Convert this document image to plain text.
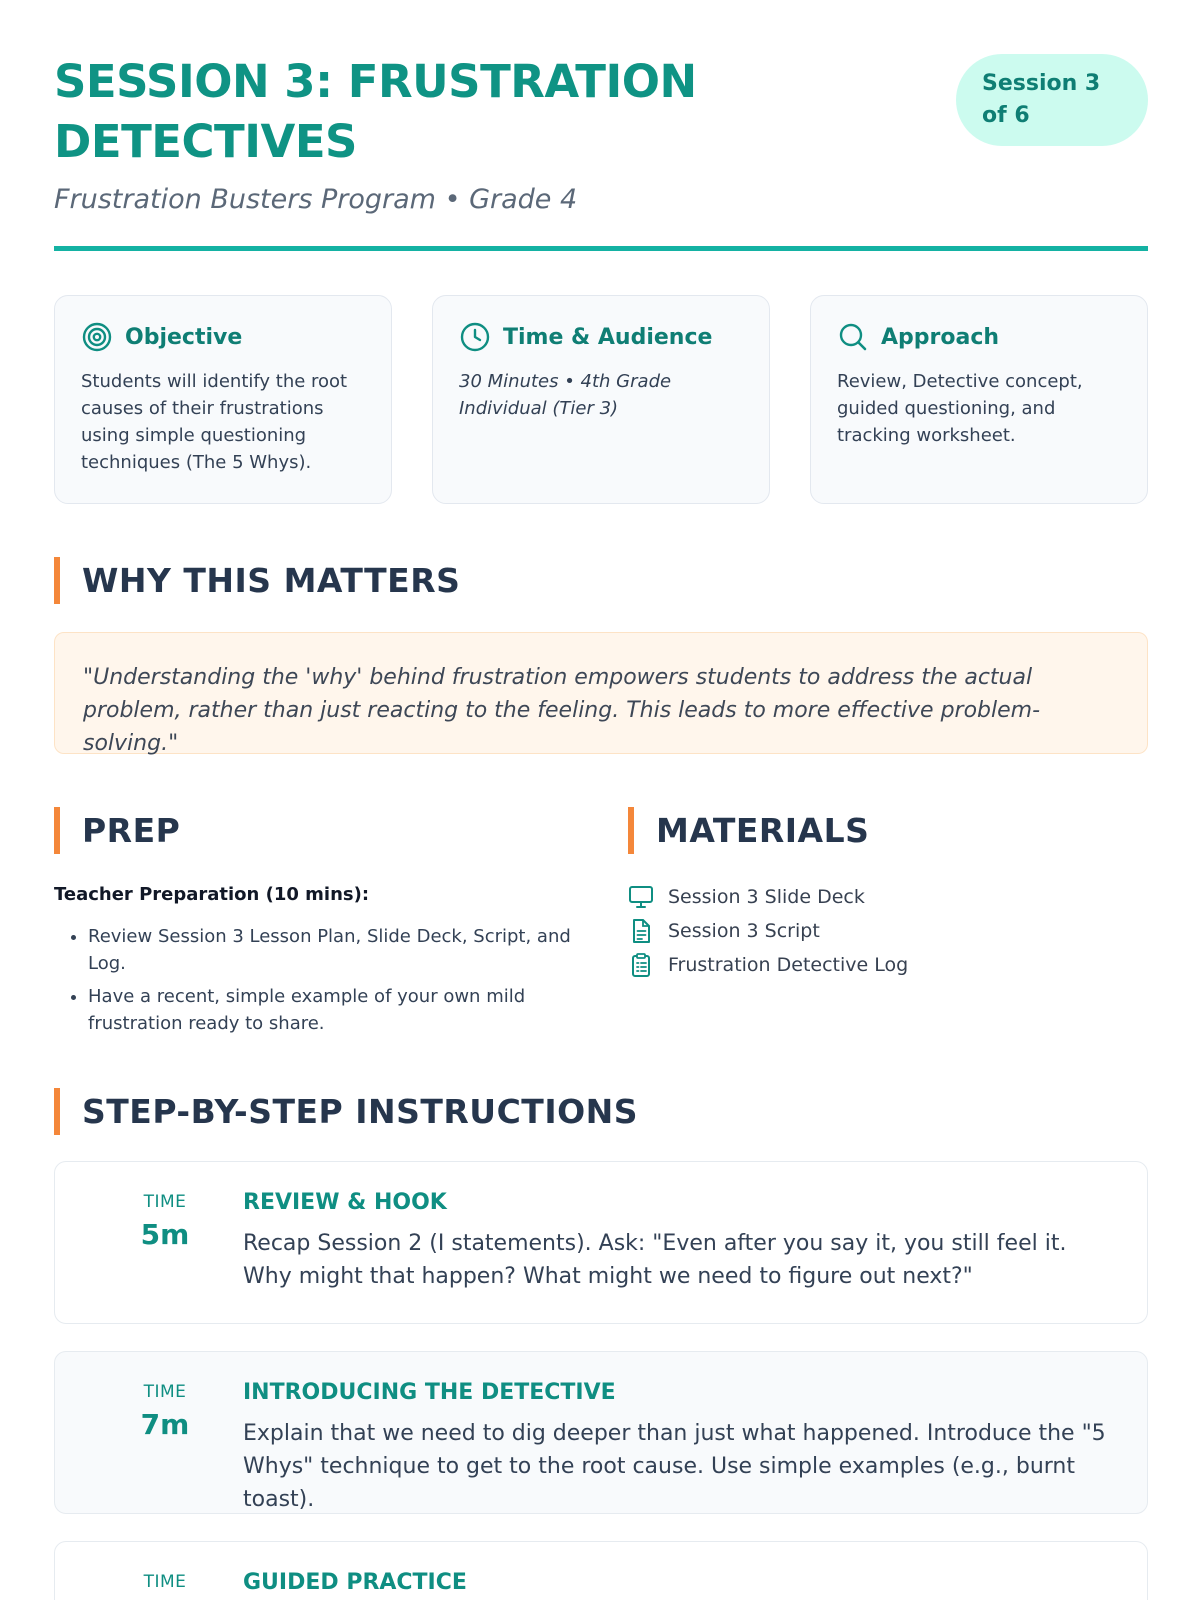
SESSION 3: FRUSTRATION DETECTIVES
Frustration Busters Program • Grade 4
Session 3 of 6
Objective
Students will identify the root causes of their frustrations using simple questioning techniques (The 5 Whys).
Time & Audience
30 Minutes • 4th Grade
Individual (Tier 3)
Approach
Review, Detective concept, guided questioning, and tracking worksheet.
WHY THIS MATTERS
"Understanding the 'why' behind frustration empowers students to address the actual problem, rather than just reacting to the feeling. This leads to more effective problem-solving."
PREP
Teacher Preparation (10 mins):
• Review Session 3 Lesson Plan, Slide Deck, Script, and Log.
• Have a recent, simple example of your own mild frustration ready to share.
MATERIALS
Session 3 Slide Deck
Session 3 Script
Frustration Detective Log
STEP-BY-STEP INSTRUCTIONS
TIME
5m
REVIEW & HOOK
Recap Session 2 (I statements). Ask: "Even after you say it, you still feel it. Why might that happen? What might we need to figure out next?"
TIME
7m
INTRODUCING THE DETECTIVE
Explain that we need to dig deeper than just what happened. Introduce the "5 Whys" technique to get to the root cause. Use simple examples (e.g., burnt toast).
TIME	GUIDED PRACTICE
